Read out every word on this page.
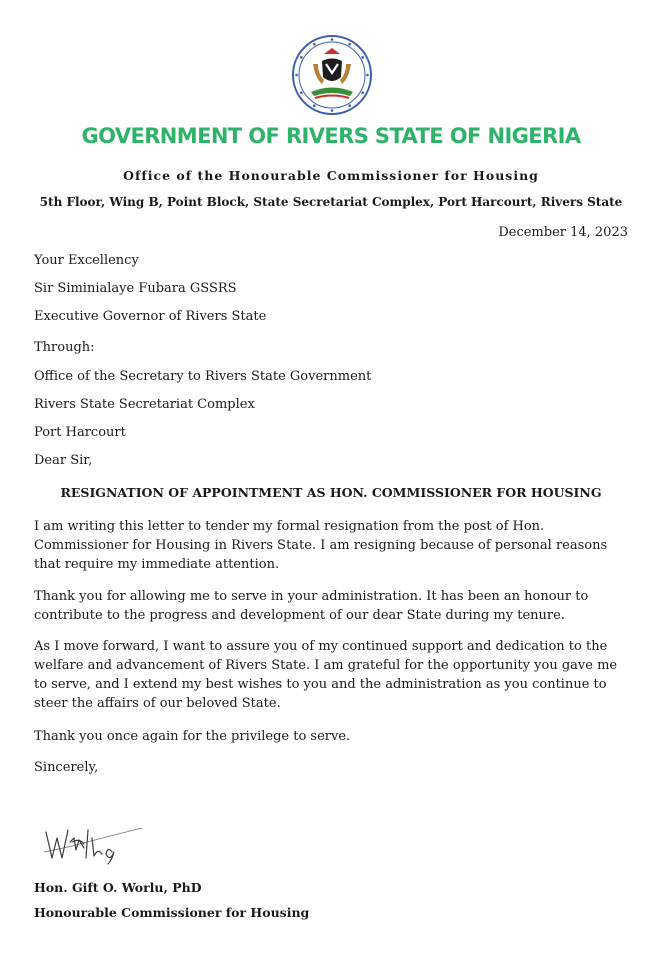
GOVERNMENT OF RIVERS STATE OF NIGERIA
Office of the Honourable Commissioner for Housing
5th Floor, Wing B, Point Block, State Secretariat Complex, Port Harcourt, Rivers State
December 14, 2023
Your Excellency
Sir Siminialaye Fubara GSSRS
Executive Governor of Rivers State
Through:
Office of the Secretary to Rivers State Government
Rivers State Secretariat Complex
Port Harcourt
Dear Sir,
RESIGNATION OF APPOINTMENT AS HON. COMMISSIONER FOR HOUSING

I am writing this letter to tender my formal resignation from the post of Hon. Commissioner for Housing in Rivers State. I am resigning because of personal reasons that require my immediate attention.

Thank you for allowing me to serve in your administration. It has been an honour to contribute to the progress and development of our dear State during my tenure.

As I move forward, I want to assure you of my continued support and dedication to the welfare and advancement of Rivers State. I am grateful for the opportunity you gave me to serve, and I extend my best wishes to you and the administration as you continue to steer the affairs of our beloved State.

Thank you once again for the privilege to serve.

Sincerely,
Hon. Gift O. Worlu, PhD
Honourable Commissioner for Housing
